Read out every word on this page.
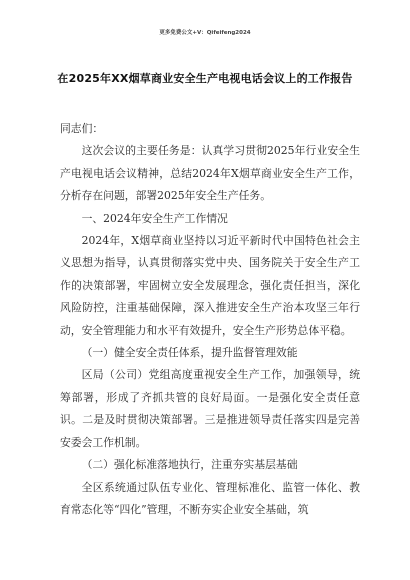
更多免费公文+V：Qifeifeng2024
在2025年XX烟草商业安全生产电视电话会议上的工作报告

同志们：

这次会议的主要任务是：认真学习贯彻2025年行业安全生产电视电话会议精神，总结2024年X烟草商业安全生产工作，分析存在问题，部署2025年安全生产任务。

一、2024年安全生产工作情况

2024年，X烟草商业坚持以习近平新时代中国特色社会主义思想为指导，认真贯彻落实党中央、国务院关于安全生产工作的决策部署，牢固树立安全发展理念，强化责任担当，深化风险防控，注重基础保障，深入推进安全生产治本攻坚三年行动，安全管理能力和水平有效提升，安全生产形势总体平稳。

（一）健全安全责任体系，提升监督管理效能

区局（公司）党组高度重视安全生产工作，加强领导，统筹部署，形成了齐抓共管的良好局面。一是强化安全责任意识。二是及时贯彻决策部署。三是推进领导责任落实四是完善安委会工作机制。

（二）强化标准落地执行，注重夯实基层基础

全区系统通过队伍专业化、管理标准化、监管一体化、教育常态化等“四化”管理，不断夯实企业安全基础，筑
